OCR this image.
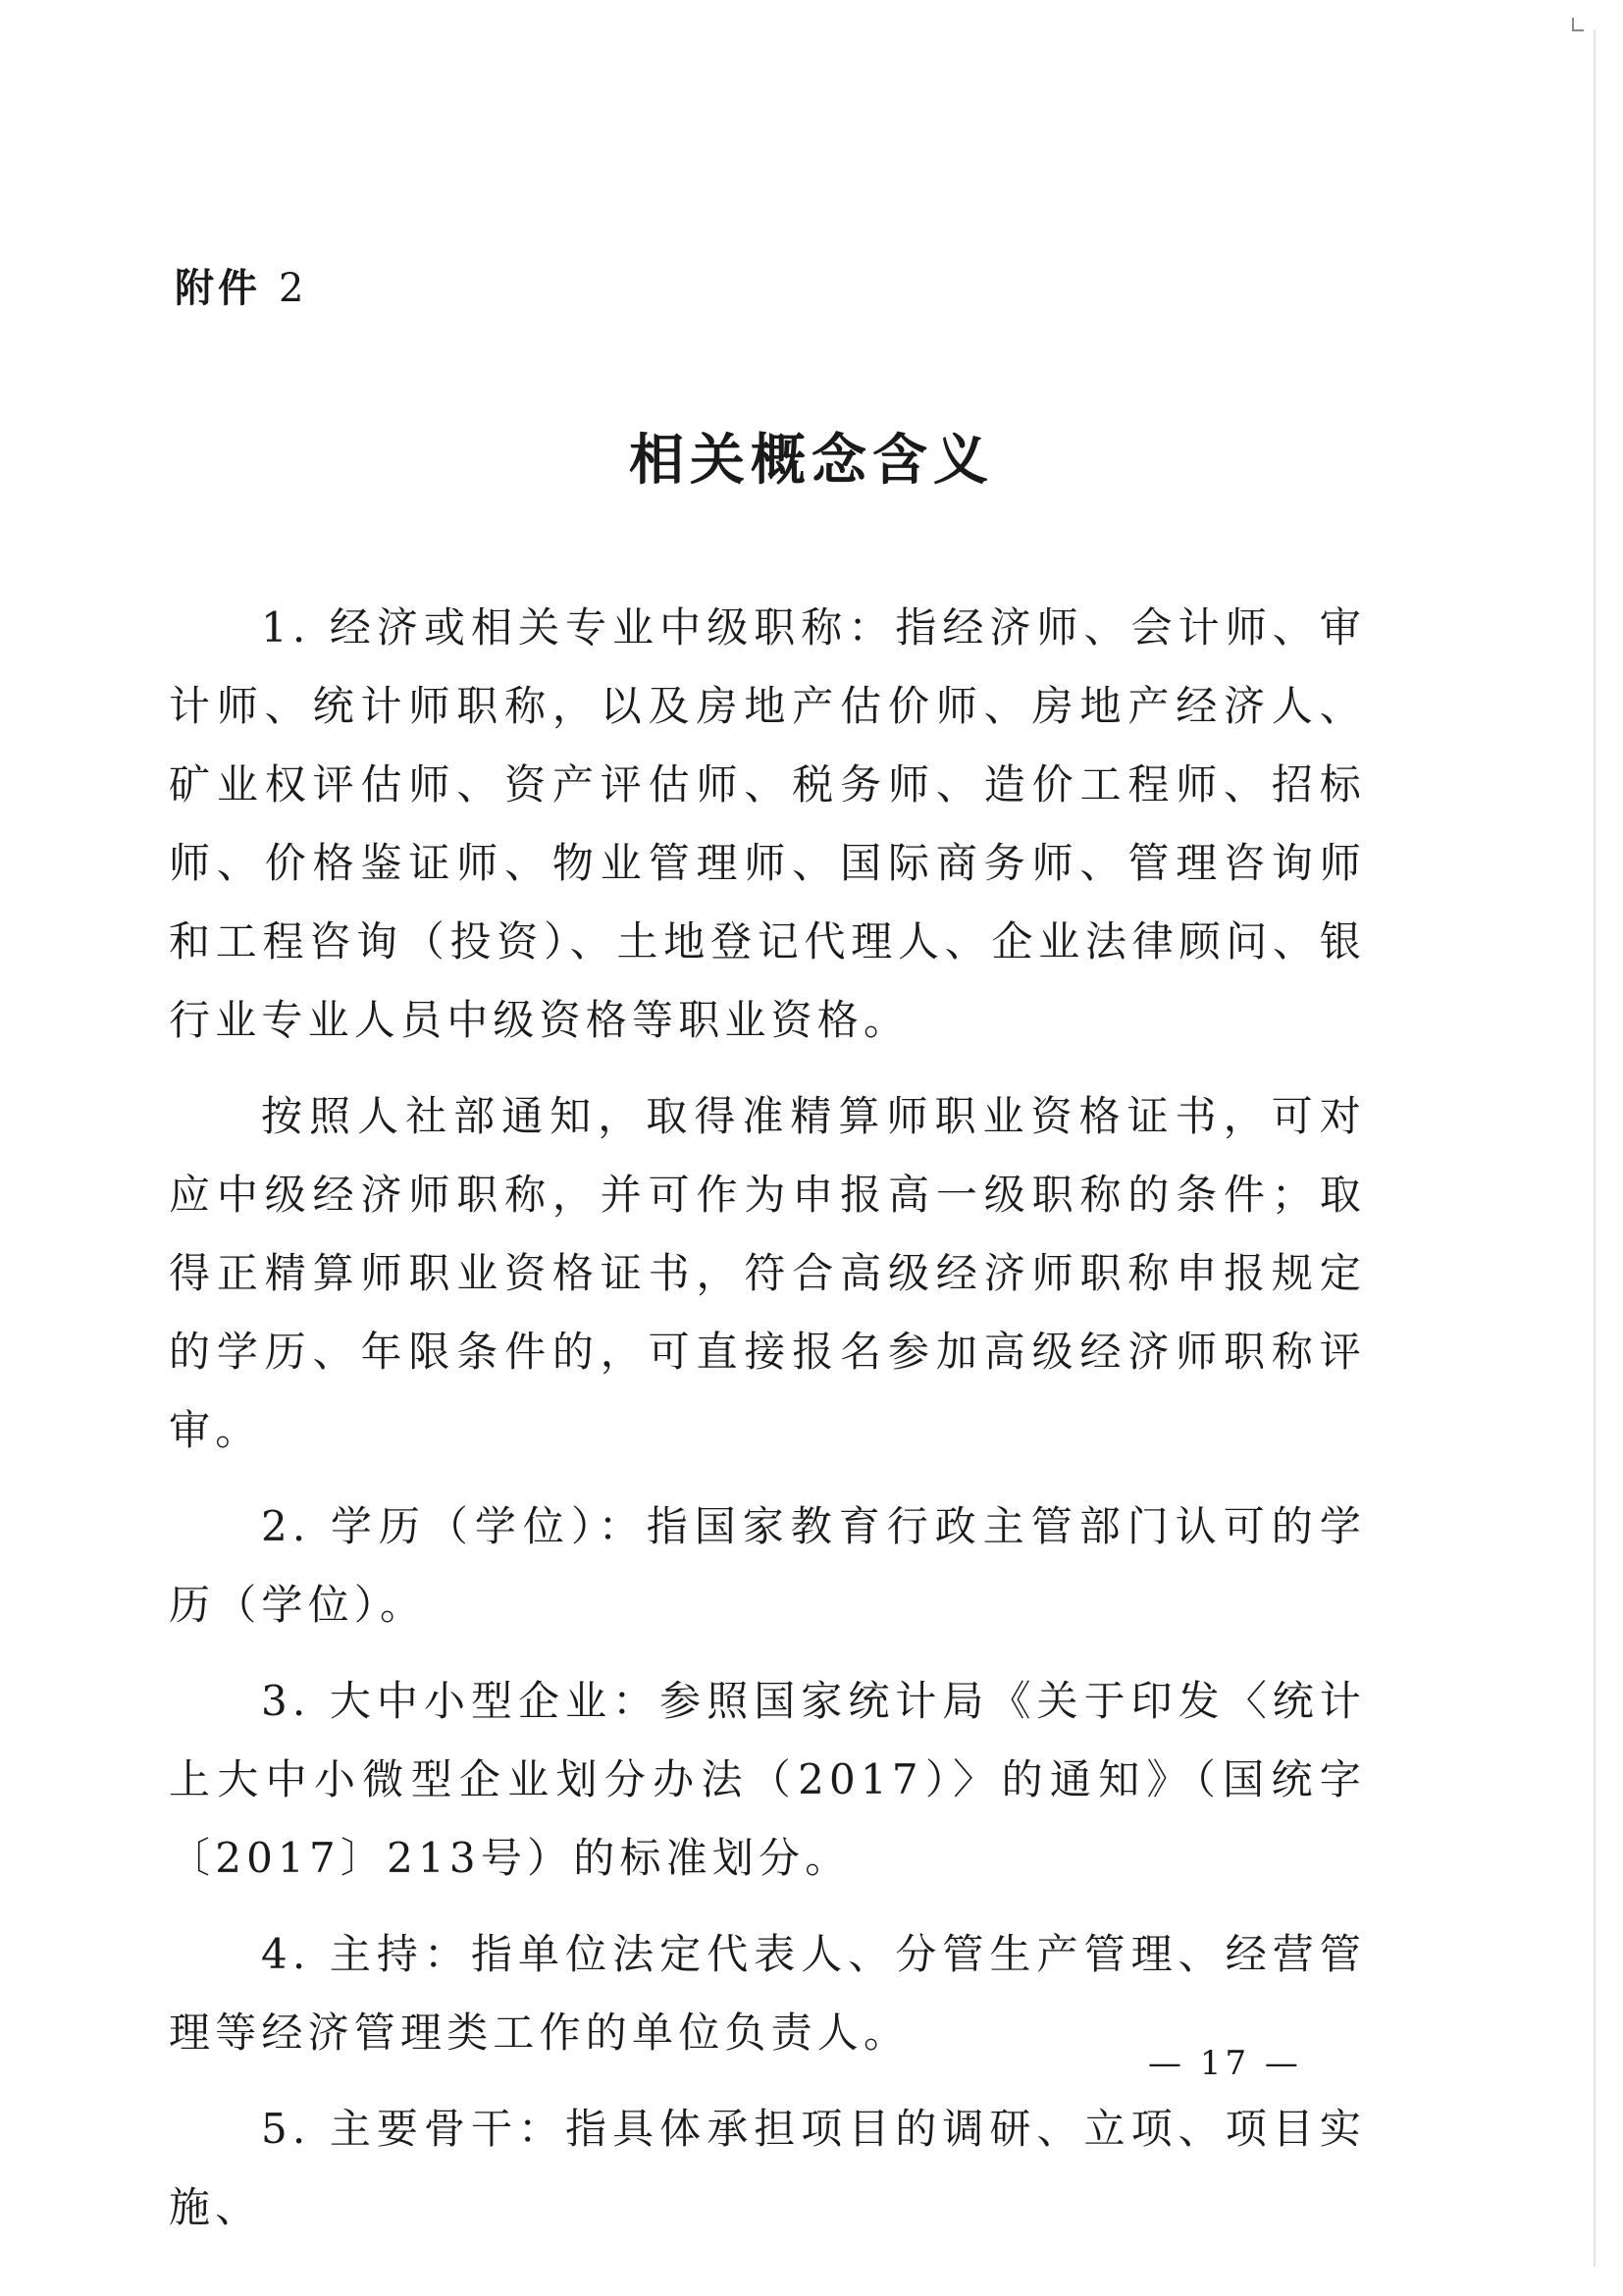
附件 2
相关概念含义

1. 经济或相关专业中级职称：指经济师、会计师、审计师、统计师职称，以及房地产估价师、房地产经济人、矿业权评估师、资产评估师、税务师、造价工程师、招标师、价格鉴证师、物业管理师、国际商务师、管理咨询师和工程咨询（投资）、土地登记代理人、企业法律顾问、银行业专业人员中级资格等职业资格。

按照人社部通知，取得准精算师职业资格证书，可对应中级经济师职称，并可作为申报高一级职称的条件；取得正精算师职业资格证书，符合高级经济师职称申报规定的学历、年限条件的，可直接报名参加高级经济师职称评审。

2. 学历（学位）：指国家教育行政主管部门认可的学历（学位）。

3. 大中小型企业：参照国家统计局《关于印发〈统计上大中小微型企业划分办法（2017）〉的通知》（国统字〔2017〕213号）的标准划分。

4. 主持：指单位法定代表人、分管生产管理、经营管理等经济管理类工作的单位负责人。

5. 主要骨干：指具体承担项目的调研、立项、项目实施、

— 17 —
